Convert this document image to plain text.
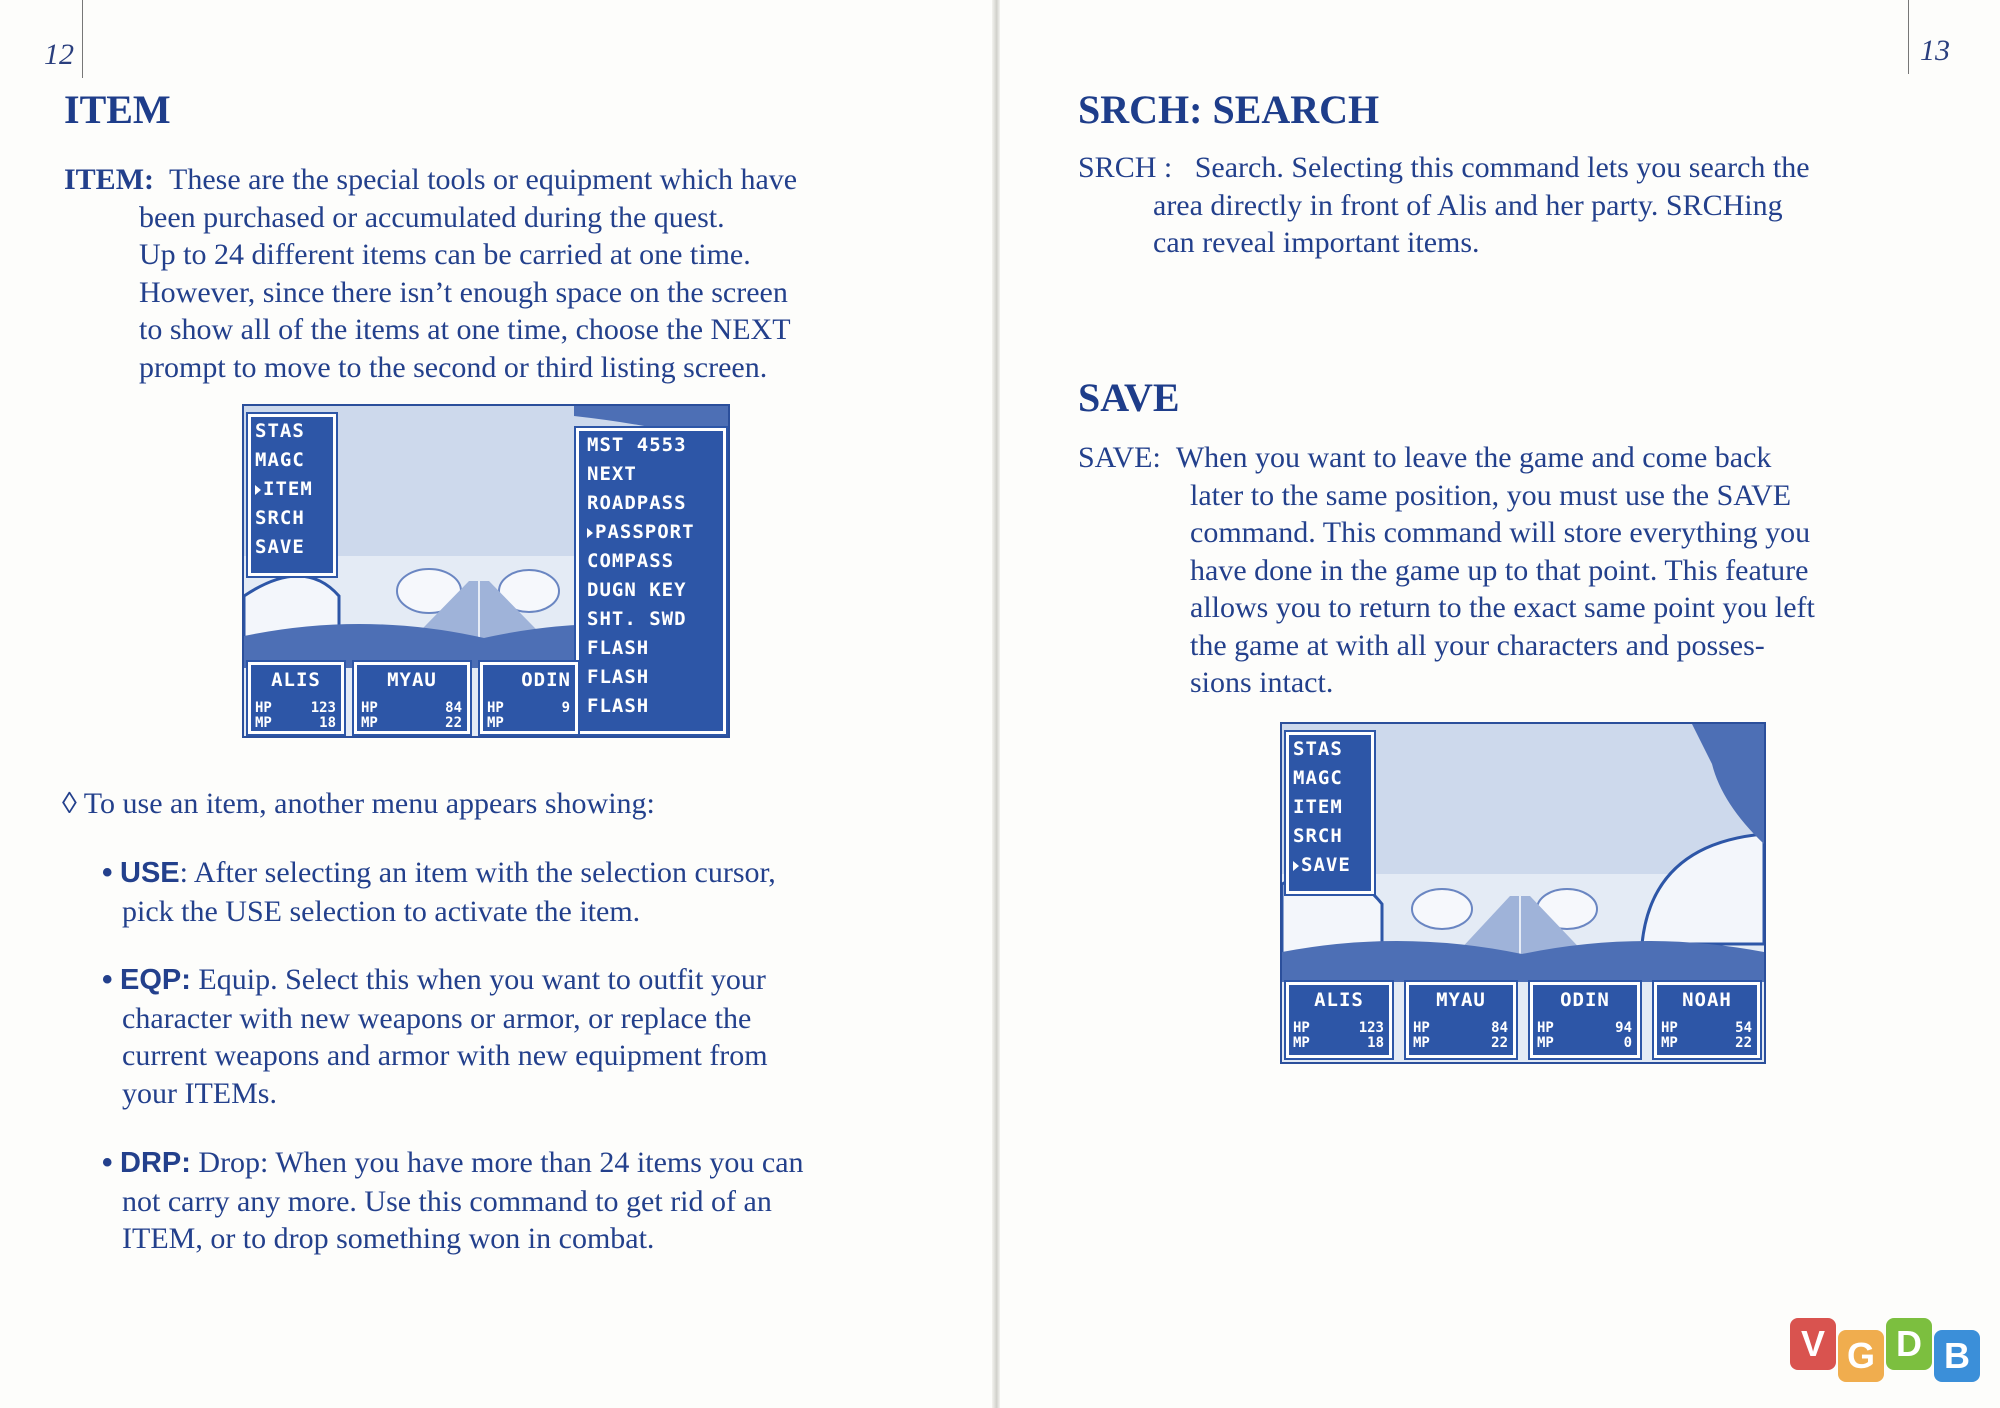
12
ITEM
ITEM: These are the special tools or equipment which have
been purchased or accumulated during the quest.
Up to 24 different items can be carried at one time.
However, since there isn’t enough space on the screen
to show all of the items at one time, choose the NEXT
prompt to move to the second or third listing screen.
STAS
MAGC
ITEM
SRCH
SAVE
MST 4553
NEXT
ROADPASS
PASSPORT
COMPASS
DUGN KEY
SHT. SWD
FLASH
FLASH
FLASH
ALIS
HP
MP
123
18
MYAU
HP
MP
84
22
ODIN
HP
MP
9

◊ To use an item, another menu appears showing:
• USE: After selecting an item with the selection cursor,
pick the USE selection to activate the item.
• EQP: Equip. Select this when you want to outfit your
character with new weapons or armor, or replace the
current weapons and armor with new equipment from
your ITEMs.
• DRP: Drop: When you have more than 24 items you can
not carry any more. Use this command to get rid of an
ITEM, or to drop something won in combat.
13
SRCH: SEARCH
SRCH : Search. Selecting this command lets you search the
area directly in front of Alis and her party. SRCHing
can reveal important items.
SAVE
SAVE: When you want to leave the game and come back
later to the same position, you must use the SAVE
command. This command will store everything you
have done in the game up to that point. This feature
allows you to return to the exact same point you left
the game at with all your characters and posses-
sions intact.
STAS
MAGC
ITEM
SRCH
SAVE
ALIS
HP
MP
123
18
MYAU
HP
MP
84
22
ODIN
HP
MP
94
0
NOAH
HP
MP
54
22
V G D B
